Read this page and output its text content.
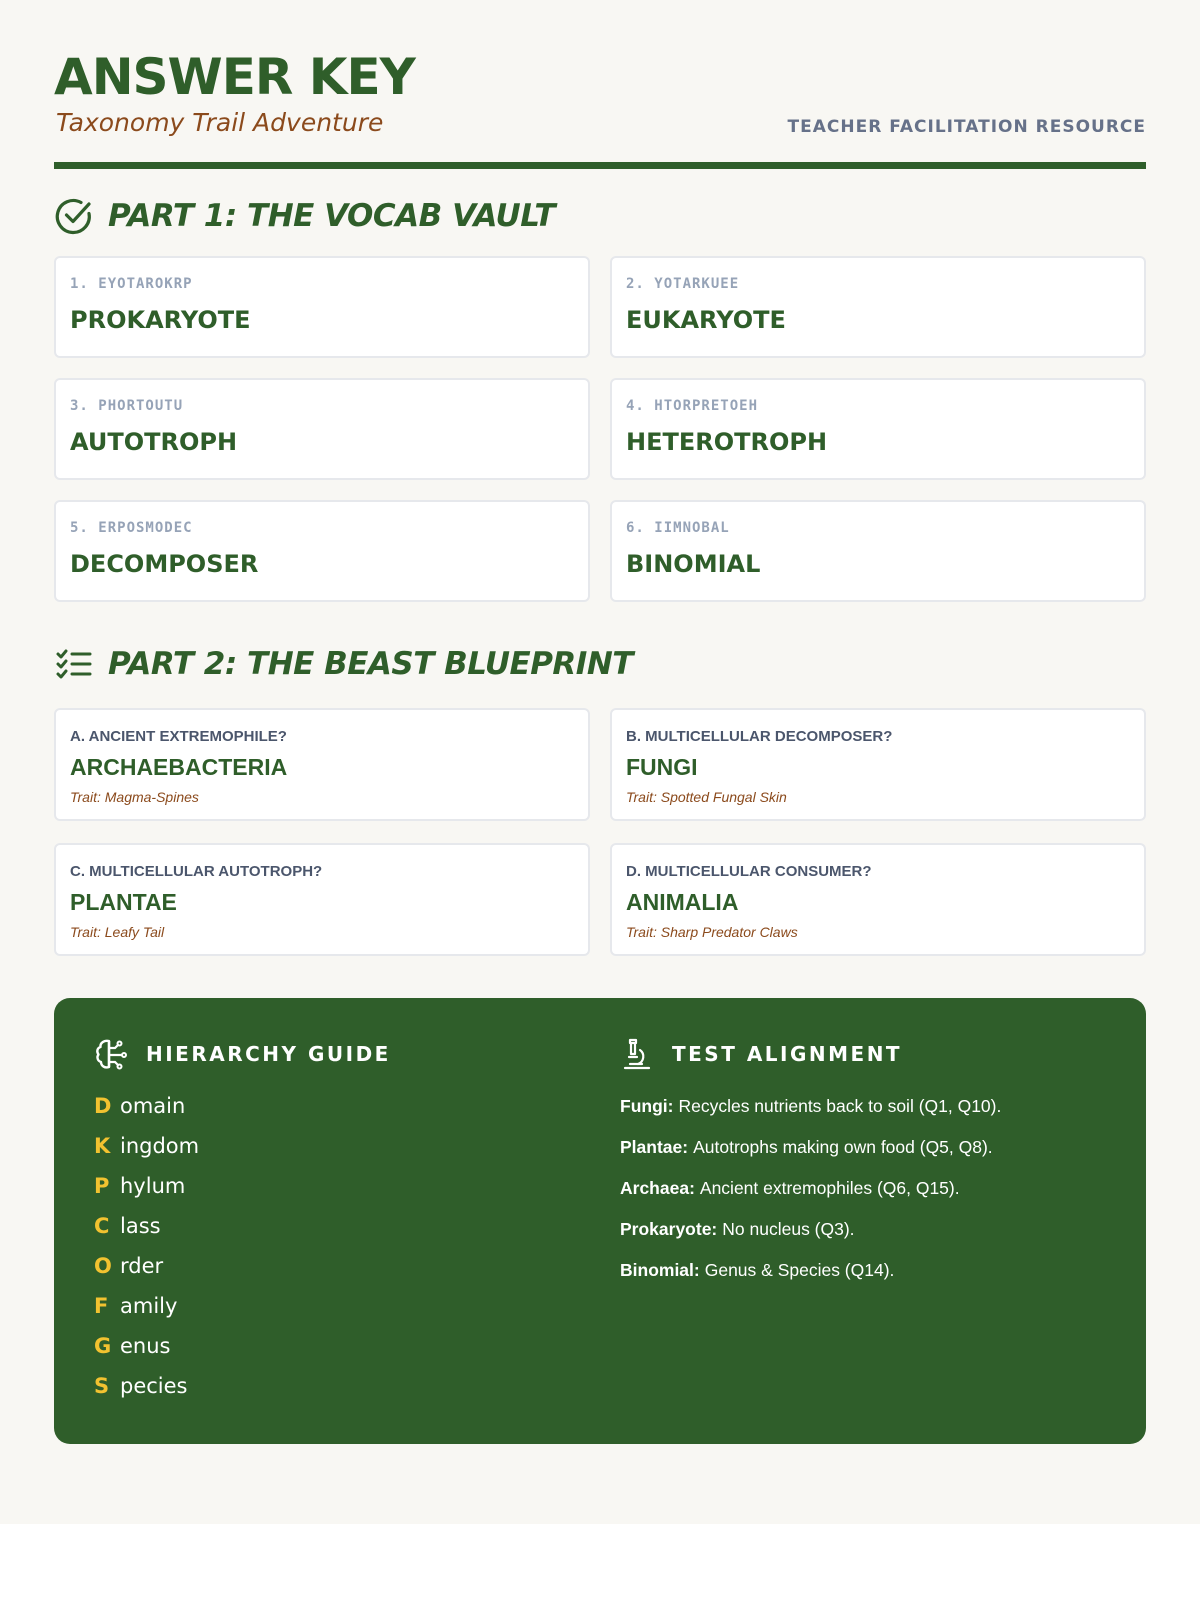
ANSWER KEY
Taxonomy Trail Adventure	TEACHER FACILITATION RESOURCE
PART 1: THE VOCAB VAULT
1. EYOTAROKRP
PROKARYOTE
2. YOTARKUEE
EUKARYOTE
3. PHORTOUTU
AUTOTROPH
4. HTORPRETOEH
HETEROTROPH
5. ERPOSMODEC
DECOMPOSER
6. IIMNOBAL
BINOMIAL
PART 2: THE BEAST BLUEPRINT
A. ANCIENT EXTREMOPHILE?
ARCHAEBACTERIA
Trait: Magma-Spines
B. MULTICELLULAR DECOMPOSER?
FUNGI
Trait: Spotted Fungal Skin
C. MULTICELLULAR AUTOTROPH?
PLANTAE
Trait: Leafy Tail
D. MULTICELLULAR CONSUMER?
ANIMALIA
Trait: Sharp Predator Claws
HIERARCHY GUIDE
D omain
K ingdom
P hylum
C lass
O rder
F amily
G enus
S pecies
TEST ALIGNMENT
Fungi: Recycles nutrients back to soil (Q1, Q10).
Plantae: Autotrophs making own food (Q5, Q8).
Archaea: Ancient extremophiles (Q6, Q15).
Prokaryote: No nucleus (Q3).
Binomial: Genus & Species (Q14).
